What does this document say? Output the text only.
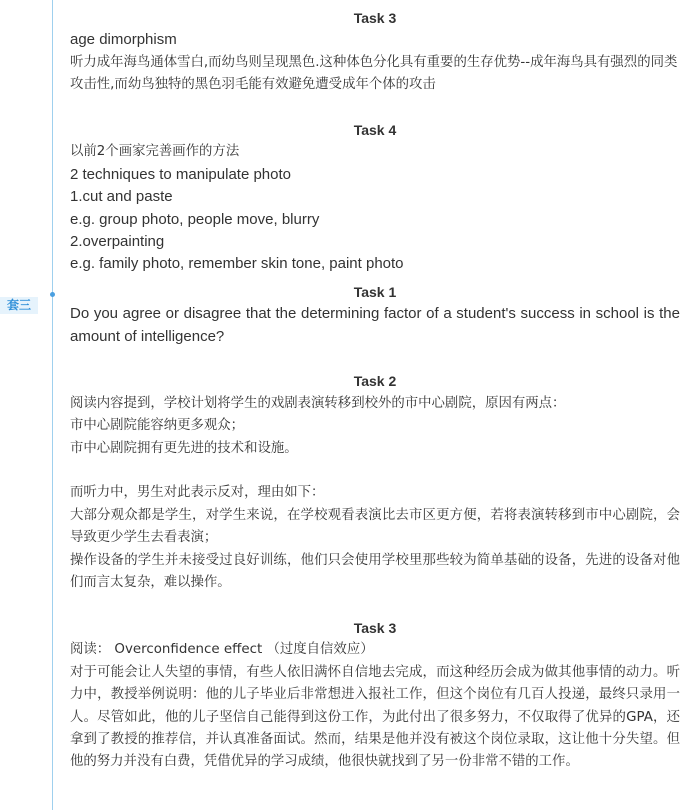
套三

Task 3

age dimorphism

听力成年海鸟通体雪白,而幼鸟则呈现黑色.这种体色分化具有重要的生存优势--成年海鸟具有强烈的同类攻击性,而幼鸟独特的黑色羽毛能有效避免遭受成年个体的攻击

Task 4

以前2个画家完善画作的方法

2 techniques to manipulate photo

1.cut and paste

e.g. group photo, people move, blurry

2.overpainting

e.g. family photo, remember skin tone, paint photo

Task 1

Do you agree or disagree that the determining factor of a student's success in school is the amount of intelligence?

Task 2

阅读内容提到，学校计划将学生的戏剧表演转移到校外的市中心剧院，原因有两点：

市中心剧院能容纳更多观众；

市中心剧院拥有更先进的技术和设施。

而听力中，男生对此表示反对，理由如下：

大部分观众都是学生，对学生来说，在学校观看表演比去市区更方便，若将表演转移到市中心剧院，会导致更少学生去看表演；

操作设备的学生并未接受过良好训练，他们只会使用学校里那些较为简单基础的设备，先进的设备对他们而言太复杂，难以操作。

Task 3

阅读： Overconfidence effect （过度自信效应）

对于可能会让人失望的事情，有些人依旧满怀自信地去完成，而这种经历会成为做其他事情的动力。听力中，教授举例说明：他的儿子毕业后非常想进入报社工作，但这个岗位有几百人投递，最终只录用一人。尽管如此，他的儿子坚信自己能得到这份工作，为此付出了很多努力，不仅取得了优异的GPA，还拿到了教授的推荐信，并认真准备面试。然而，结果是他并没有被这个岗位录取，这让他十分失望。但他的努力并没有白费，凭借优异的学习成绩，他很快就找到了另一份非常不错的工作。
